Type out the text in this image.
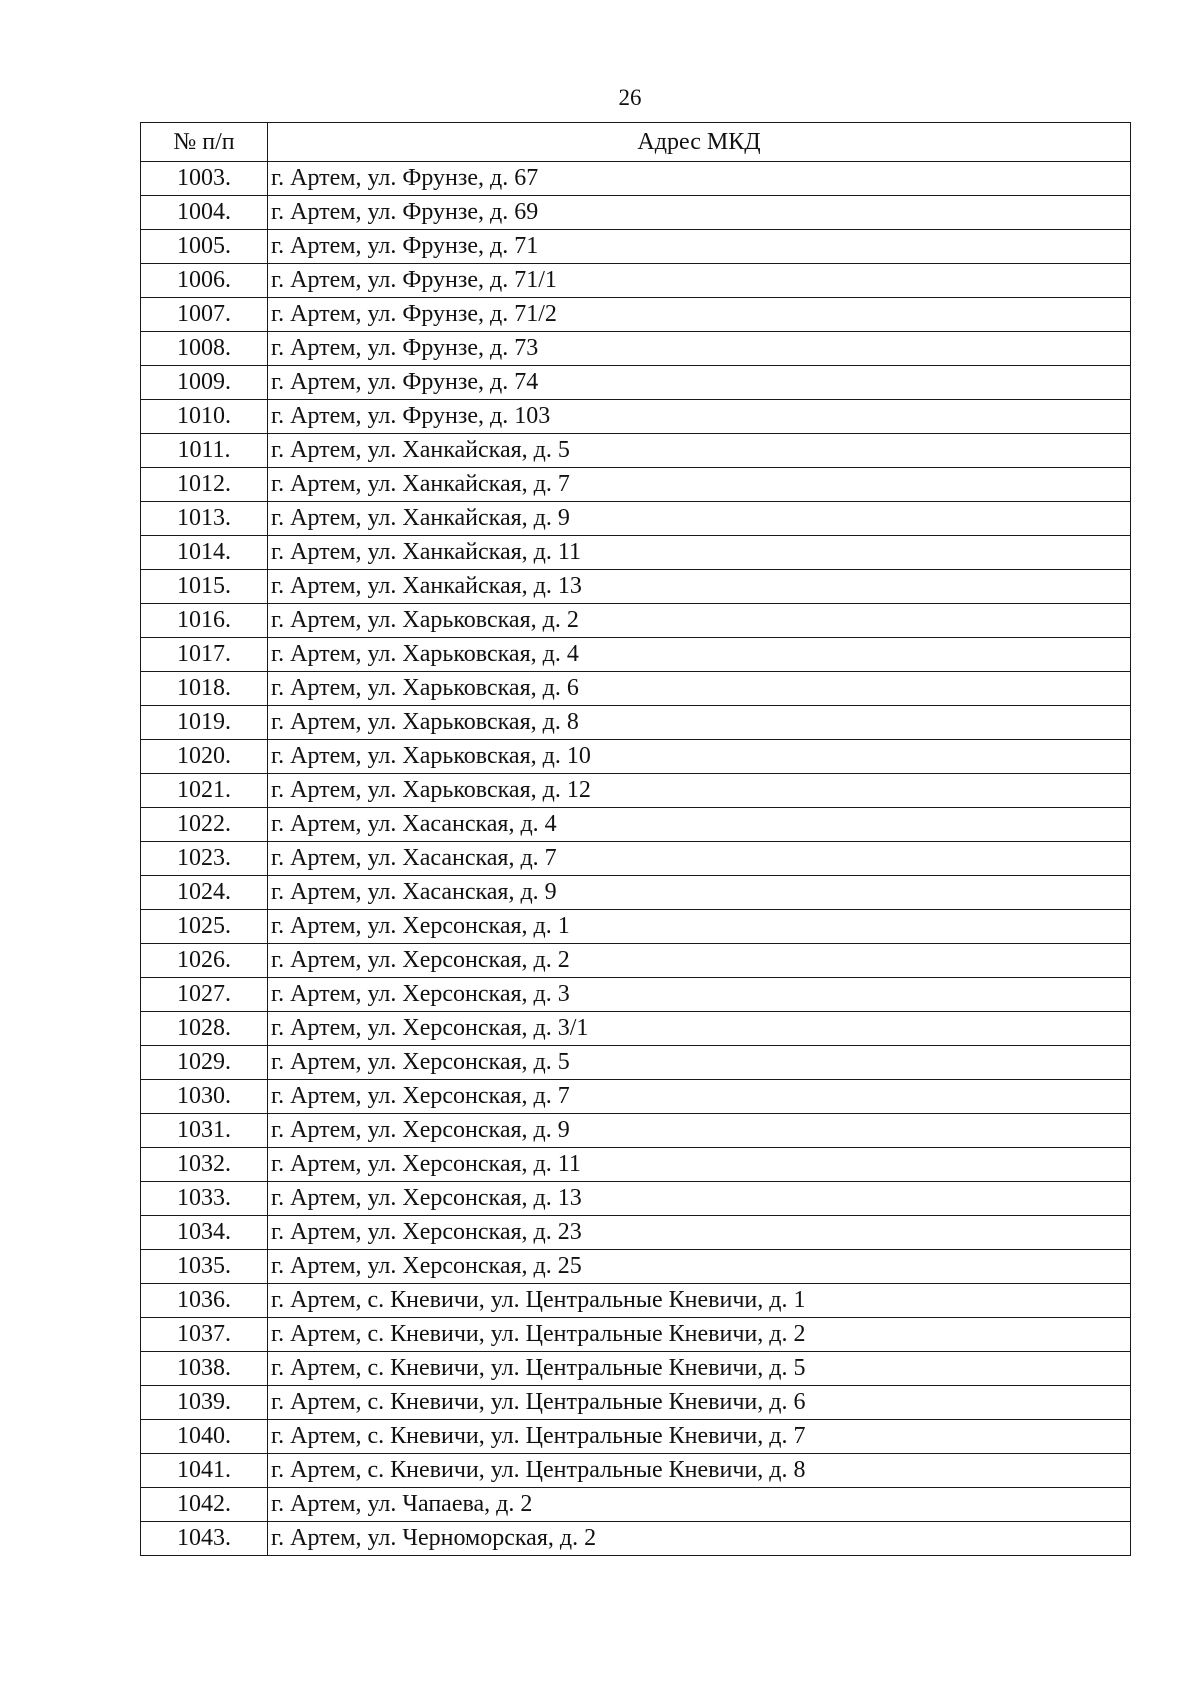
26
№ п/п	Адрес МКД
1003.	г. Артем, ул. Фрунзе, д. 67
1004.	г. Артем, ул. Фрунзе, д. 69
1005.	г. Артем, ул. Фрунзе, д. 71
1006.	г. Артем, ул. Фрунзе, д. 71/1
1007.	г. Артем, ул. Фрунзе, д. 71/2
1008.	г. Артем, ул. Фрунзе, д. 73
1009.	г. Артем, ул. Фрунзе, д. 74
1010.	г. Артем, ул. Фрунзе, д. 103
1011.	г. Артем, ул. Ханкайская, д. 5
1012.	г. Артем, ул. Ханкайская, д. 7
1013.	г. Артем, ул. Ханкайская, д. 9
1014.	г. Артем, ул. Ханкайская, д. 11
1015.	г. Артем, ул. Ханкайская, д. 13
1016.	г. Артем, ул. Харьковская, д. 2
1017.	г. Артем, ул. Харьковская, д. 4
1018.	г. Артем, ул. Харьковская, д. 6
1019.	г. Артем, ул. Харьковская, д. 8
1020.	г. Артем, ул. Харьковская, д. 10
1021.	г. Артем, ул. Харьковская, д. 12
1022.	г. Артем, ул. Хасанская, д. 4
1023.	г. Артем, ул. Хасанская, д. 7
1024.	г. Артем, ул. Хасанская, д. 9
1025.	г. Артем, ул. Херсонская, д. 1
1026.	г. Артем, ул. Херсонская, д. 2
1027.	г. Артем, ул. Херсонская, д. 3
1028.	г. Артем, ул. Херсонская, д. 3/1
1029.	г. Артем, ул. Херсонская, д. 5
1030.	г. Артем, ул. Херсонская, д. 7
1031.	г. Артем, ул. Херсонская, д. 9
1032.	г. Артем, ул. Херсонская, д. 11
1033.	г. Артем, ул. Херсонская, д. 13
1034.	г. Артем, ул. Херсонская, д. 23
1035.	г. Артем, ул. Херсонская, д. 25
1036.	г. Артем, с. Кневичи, ул. Центральные Кневичи, д. 1
1037.	г. Артем, с. Кневичи, ул. Центральные Кневичи, д. 2
1038.	г. Артем, с. Кневичи, ул. Центральные Кневичи, д. 5
1039.	г. Артем, с. Кневичи, ул. Центральные Кневичи, д. 6
1040.	г. Артем, с. Кневичи, ул. Центральные Кневичи, д. 7
1041.	г. Артем, с. Кневичи, ул. Центральные Кневичи, д. 8
1042.	г. Артем, ул. Чапаева, д. 2
1043.	г. Артем, ул. Черноморская, д. 2
